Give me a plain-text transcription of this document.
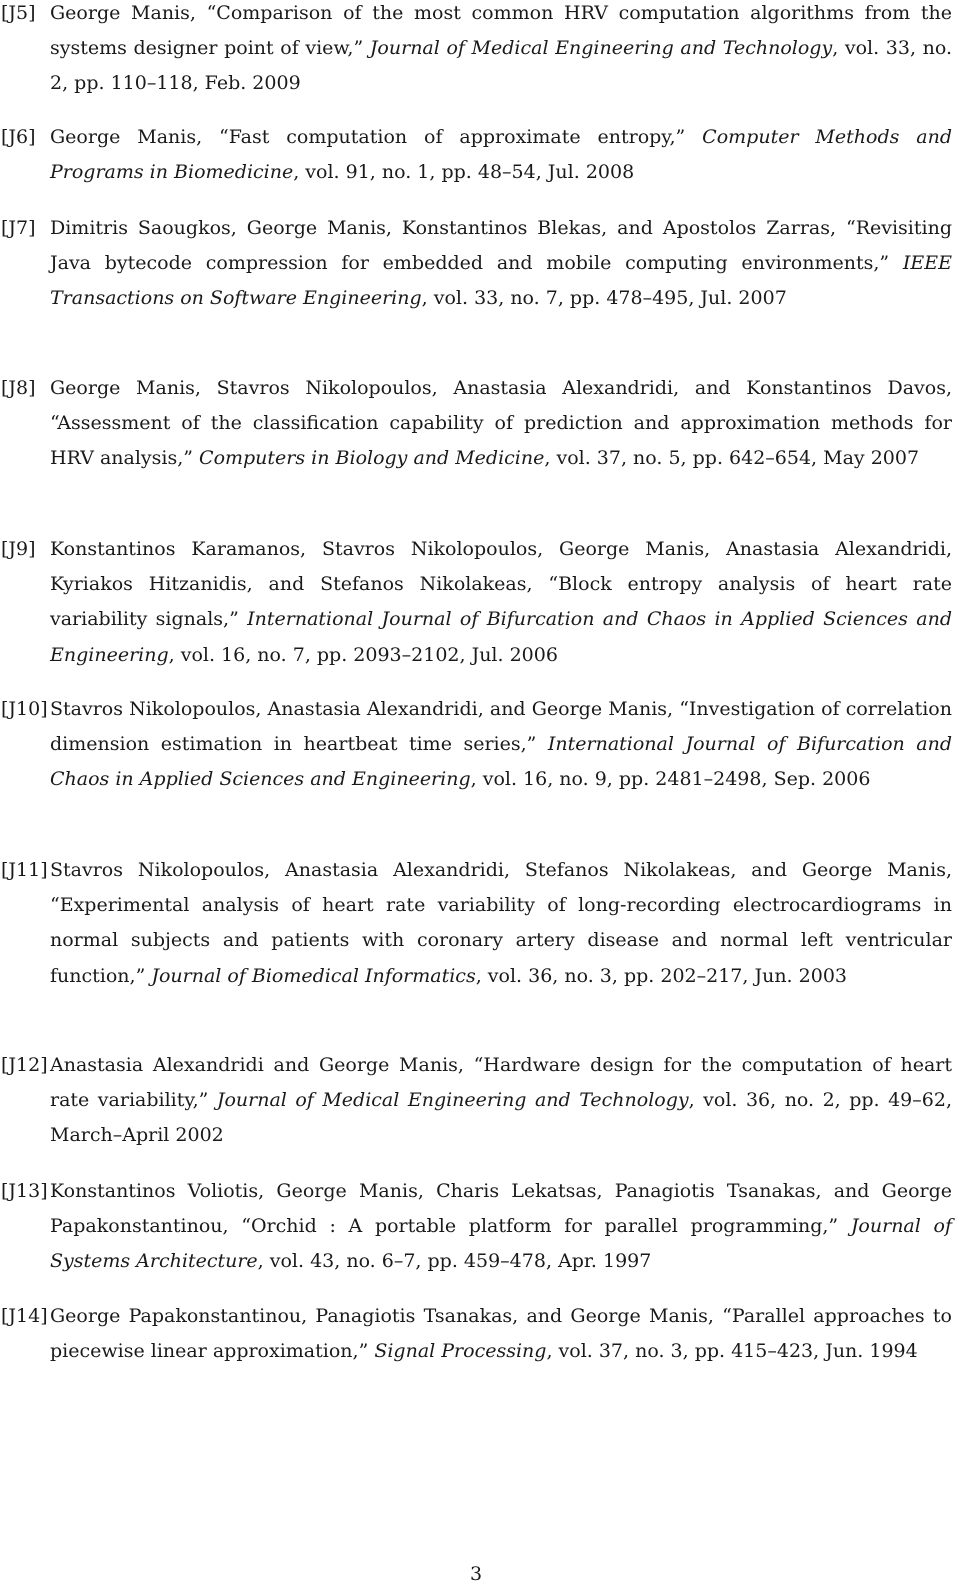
[J5] George Manis, “Comparison of the most common HRV computation algorithms from the systems designer point of view,” Journal of Medical Engineering and Technology, vol. 33, no. 2, pp. 110–118, Feb. 2009
[J6] George Manis, “Fast computation of approximate entropy,” Computer Methods and Programs in Biomedicine, vol. 91, no. 1, pp. 48–54, Jul. 2008
[J7] Dimitris Saougkos, George Manis, Konstantinos Blekas, and Apostolos Zarras, “Revisiting Java bytecode compression for embedded and mobile computing environments,” IEEE Transactions on Software Engineering, vol. 33, no. 7, pp. 478–495, Jul. 2007
[J8] George Manis, Stavros Nikolopoulos, Anastasia Alexandridi, and Konstantinos Davos, “Assessment of the classification capability of prediction and approximation methods for HRV analysis,” Computers in Biology and Medicine, vol. 37, no. 5, pp. 642–654, May 2007
[J9] Konstantinos Karamanos, Stavros Nikolopoulos, George Manis, Anastasia Alexandridi, Kyriakos Hitzanidis, and Stefanos Nikolakeas, “Block entropy analysis of heart rate variability signals,” International Journal of Bifurcation and Chaos in Applied Sciences and Engineering, vol. 16, no. 7, pp. 2093–2102, Jul. 2006
[J10] Stavros Nikolopoulos, Anastasia Alexandridi, and George Manis, “Investigation of correlation dimension estimation in heartbeat time series,” International Journal of Bifurcation and Chaos in Applied Sciences and Engineering, vol. 16, no. 9, pp. 2481–2498, Sep. 2006
[J11] Stavros Nikolopoulos, Anastasia Alexandridi, Stefanos Nikolakeas, and George Manis, “Experimental analysis of heart rate variability of long-recording electrocardiograms in normal subjects and patients with coronary artery disease and normal left ventricular function,” Journal of Biomedical Informatics, vol. 36, no. 3, pp. 202–217, Jun. 2003
[J12] Anastasia Alexandridi and George Manis, “Hardware design for the computation of heart rate variability,” Journal of Medical Engineering and Technology, vol. 36, no. 2, pp. 49–62, March–April 2002
[J13] Konstantinos Voliotis, George Manis, Charis Lekatsas, Panagiotis Tsanakas, and George Papakonstantinou, “Orchid : A portable platform for parallel programming,” Journal of Systems Architecture, vol. 43, no. 6–7, pp. 459–478, Apr. 1997
[J14] George Papakonstantinou, Panagiotis Tsanakas, and George Manis, “Parallel approaches to piecewise linear approximation,” Signal Processing, vol. 37, no. 3, pp. 415–423, Jun. 1994
3
